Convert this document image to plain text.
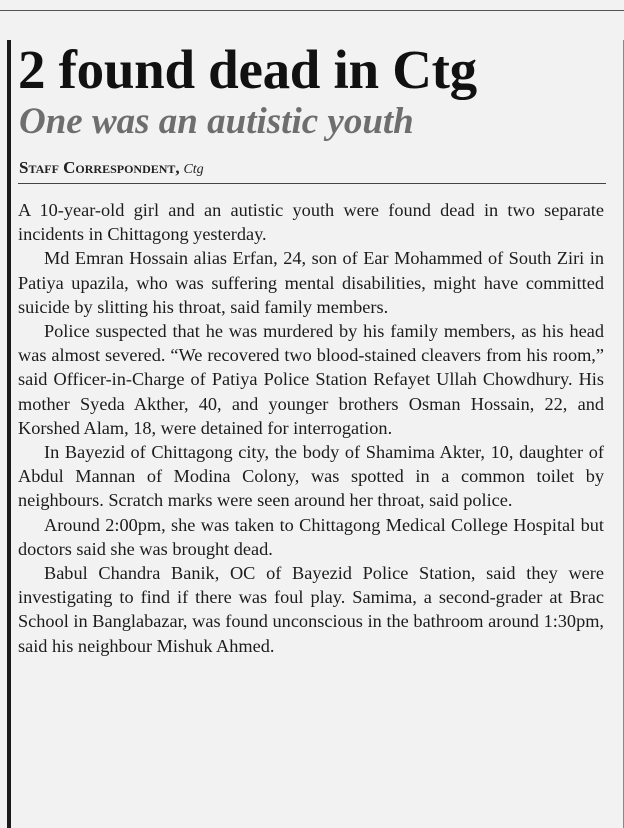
2 found dead in Ctg
One was an autistic youth
Staff Correspondent, Ctg

A 10-year-old girl and an autistic youth were found dead in two separate incidents in Chittagong yesterday.

Md Emran Hossain alias Erfan, 24, son of Ear Mohammed of South Ziri in Patiya upazila, who was suffering mental disabilities, might have committed suicide by slitting his throat, said family members.

Police suspected that he was murdered by his family members, as his head was almost severed. “We recovered two blood-stained cleavers from his room,” said Officer-in-Charge of Patiya Police Station Refayet Ullah Chowdhury. His mother Syeda Akther, 40, and younger brothers Osman Hossain, 22, and Korshed Alam, 18, were detained for interrogation.

In Bayezid of Chittagong city, the body of Shamima Akter, 10, daughter of Abdul Mannan of Modina Colony, was spotted in a common toilet by neighbours. Scratch marks were seen around her throat, said police.

Around 2:00pm, she was taken to Chittagong Medical College Hospital but doctors said she was brought dead.

Babul Chandra Banik, OC of Bayezid Police Station, said they were investigating to find if there was foul play. Samima, a second-grader at Brac School in Banglabazar, was found unconscious in the bathroom around 1:30pm, said his neighbour Mishuk Ahmed.
